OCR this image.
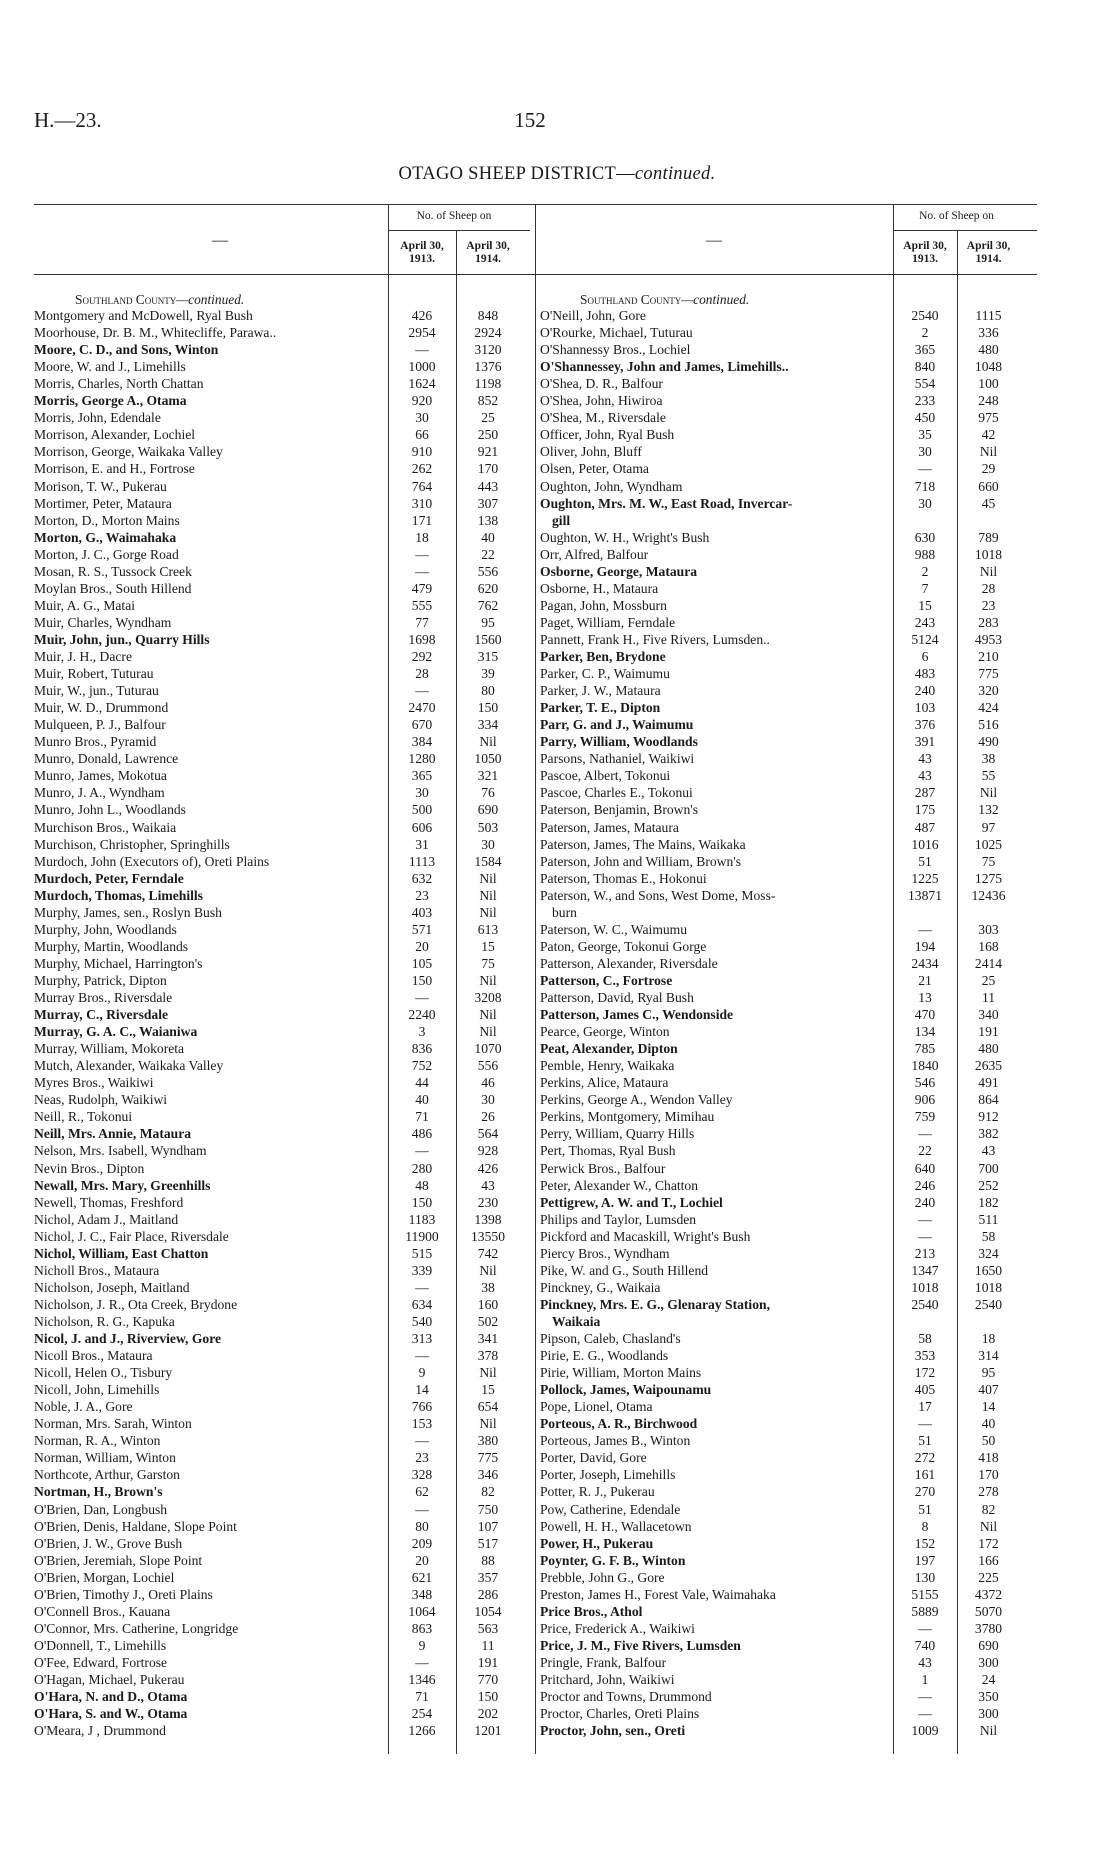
H.—23.	152
OTAGO SHEEP DISTRICT—continued.
—
No. of Sheep on
April 30, 1913.
April 30, 1914.
—
No. of Sheep on
April 30, 1913.
April 30, 1914.
Southland County—continued.	Southland County—continued.
Montgomery and McDowell, Ryal Bush	426	848
Moorhouse, Dr. B. M., Whitecliffe, Parawa..	2954	2924
Moore, C. D., and Sons, Winton	—	3120
Moore, W. and J., Limehills	1000	1376
Morris, Charles, North Chattan	1624	1198
Morris, George A., Otama	920	852
Morris, John, Edendale	30	25
Morrison, Alexander, Lochiel	66	250
Morrison, George, Waikaka Valley	910	921
Morrison, E. and H., Fortrose	262	170
Morison, T. W., Pukerau	764	443
Mortimer, Peter, Mataura	310	307
Morton, D., Morton Mains	171	138
Morton, G., Waimahaka	18	40
Morton, J. C., Gorge Road	—	22
Mosan, R. S., Tussock Creek	—	556
Moylan Bros., South Hillend	479	620
Muir, A. G., Matai	555	762
Muir, Charles, Wyndham	77	95
Muir, John, jun., Quarry Hills	1698	1560
Muir, J. H., Dacre	292	315
Muir, Robert, Tuturau	28	39
Muir, W., jun., Tuturau	—	80
Muir, W. D., Drummond	2470	150
Mulqueen, P. J., Balfour	670	334
Munro Bros., Pyramid	384	Nil
Munro, Donald, Lawrence	1280	1050
Munro, James, Mokotua	365	321
Munro, J. A., Wyndham	30	76
Munro, John L., Woodlands	500	690
Murchison Bros., Waikaia	606	503
Murchison, Christopher, Springhills	31	30
Murdoch, John (Executors of), Oreti Plains	1113	1584
Murdoch, Peter, Ferndale	632	Nil
Murdoch, Thomas, Limehills	23	Nil
Murphy, James, sen., Roslyn Bush	403	Nil
Murphy, John, Woodlands	571	613
Murphy, Martin, Woodlands	20	15
Murphy, Michael, Harrington's	105	75
Murphy, Patrick, Dipton	150	Nil
Murray Bros., Riversdale	—	3208
Murray, C., Riversdale	2240	Nil
Murray, G. A. C., Waianiwa	3	Nil
Murray, William, Mokoreta	836	1070
Mutch, Alexander, Waikaka Valley	752	556
Myres Bros., Waikiwi	44	46
Neas, Rudolph, Waikiwi	40	30
Neill, R., Tokonui	71	26
Neill, Mrs. Annie, Mataura	486	564
Nelson, Mrs. Isabell, Wyndham	—	928
Nevin Bros., Dipton	280	426
Newall, Mrs. Mary, Greenhills	48	43
Newell, Thomas, Freshford	150	230
Nichol, Adam J., Maitland	1183	1398
Nichol, J. C., Fair Place, Riversdale	11900	13550
Nichol, William, East Chatton	515	742
Nicholl Bros., Mataura	339	Nil
Nicholson, Joseph, Maitland	—	38
Nicholson, J. R., Ota Creek, Brydone	634	160
Nicholson, R. G., Kapuka	540	502
Nicol, J. and J., Riverview, Gore	313	341
Nicoll Bros., Mataura	—	378
Nicoll, Helen O., Tisbury	9	Nil
Nicoll, John, Limehills	14	15
Noble, J. A., Gore	766	654
Norman, Mrs. Sarah, Winton	153	Nil
Norman, R. A., Winton	—	380
Norman, William, Winton	23	775
Northcote, Arthur, Garston	328	346
Nortman, H., Brown's	62	82
O'Brien, Dan, Longbush	—	750
O'Brien, Denis, Haldane, Slope Point	80	107
O'Brien, J. W., Grove Bush	209	517
O'Brien, Jeremiah, Slope Point	20	88
O'Brien, Morgan, Lochiel	621	357
O'Brien, Timothy J., Oreti Plains	348	286
O'Connell Bros., Kauana	1064	1054
O'Connor, Mrs. Catherine, Longridge	863	563
O'Donnell, T., Limehills	9	11
O'Fee, Edward, Fortrose	—	191
O'Hagan, Michael, Pukerau	1346	770
O'Hara, N. and D., Otama	71	150
O'Hara, S. and W., Otama	254	202
O'Meara, J , Drummond	1266	1201
O'Neill, John, Gore	2540	1115
O'Rourke, Michael, Tuturau	2	336
O'Shannessy Bros., Lochiel	365	480
O'Shannessey, John and James, Limehills..	840	1048
O'Shea, D. R., Balfour	554	100
O'Shea, John, Hiwiroa	233	248
O'Shea, M., Riversdale	450	975
Officer, John, Ryal Bush	35	42
Oliver, John, Bluff	30	Nil
Olsen, Peter, Otama	—	29
Oughton, John, Wyndham	718	660
Oughton, Mrs. M. W., East Road, Invercar-	30	45
gill
Oughton, W. H., Wright's Bush	630	789
Orr, Alfred, Balfour	988	1018
Osborne, George, Mataura	2	Nil
Osborne, H., Mataura	7	28
Pagan, John, Mossburn	15	23
Paget, William, Ferndale	243	283
Pannett, Frank H., Five Rivers, Lumsden..	5124	4953
Parker, Ben, Brydone	6	210
Parker, C. P., Waimumu	483	775
Parker, J. W., Mataura	240	320
Parker, T. E., Dipton	103	424
Parr, G. and J., Waimumu	376	516
Parry, William, Woodlands	391	490
Parsons, Nathaniel, Waikiwi	43	38
Pascoe, Albert, Tokonui	43	55
Pascoe, Charles E., Tokonui	287	Nil
Paterson, Benjamin, Brown's	175	132
Paterson, James, Mataura	487	97
Paterson, James, The Mains, Waikaka	1016	1025
Paterson, John and William, Brown's	51	75
Paterson, Thomas E., Hokonui	1225	1275
Paterson, W., and Sons, West Dome, Moss-	13871	12436
burn
Paterson, W. C., Waimumu	—	303
Paton, George, Tokonui Gorge	194	168
Patterson, Alexander, Riversdale	2434	2414
Patterson, C., Fortrose	21	25
Patterson, David, Ryal Bush	13	11
Patterson, James C., Wendonside	470	340
Pearce, George, Winton	134	191
Peat, Alexander, Dipton	785	480
Pemble, Henry, Waikaka	1840	2635
Perkins, Alice, Mataura	546	491
Perkins, George A., Wendon Valley	906	864
Perkins, Montgomery, Mimihau	759	912
Perry, William, Quarry Hills	—	382
Pert, Thomas, Ryal Bush	22	43
Perwick Bros., Balfour	640	700
Peter, Alexander W., Chatton	246	252
Pettigrew, A. W. and T., Lochiel	240	182
Philips and Taylor, Lumsden	—	511
Pickford and Macaskill, Wright's Bush	—	58
Piercy Bros., Wyndham	213	324
Pike, W. and G., South Hillend	1347	1650
Pinckney, G., Waikaia	1018	1018
Pinckney, Mrs. E. G., Glenaray Station,	2540	2540
Waikaia
Pipson, Caleb, Chasland's	58	18
Pirie, E. G., Woodlands	353	314
Pirie, William, Morton Mains	172	95
Pollock, James, Waipounamu	405	407
Pope, Lionel, Otama	17	14
Porteous, A. R., Birchwood	—	40
Porteous, James B., Winton	51	50
Porter, David, Gore	272	418
Porter, Joseph, Limehills	161	170
Potter, R. J., Pukerau	270	278
Pow, Catherine, Edendale	51	82
Powell, H. H., Wallacetown	8	Nil
Power, H., Pukerau	152	172
Poynter, G. F. B., Winton	197	166
Prebble, John G., Gore	130	225
Preston, James H., Forest Vale, Waimahaka	5155	4372
Price Bros., Athol	5889	5070
Price, Frederick A., Waikiwi	—	3780
Price, J. M., Five Rivers, Lumsden	740	690
Pringle, Frank, Balfour	43	300
Pritchard, John, Waikiwi	1	24
Proctor and Towns, Drummond	—	350
Proctor, Charles, Oreti Plains	—	300
Proctor, John, sen., Oreti	1009	Nil
